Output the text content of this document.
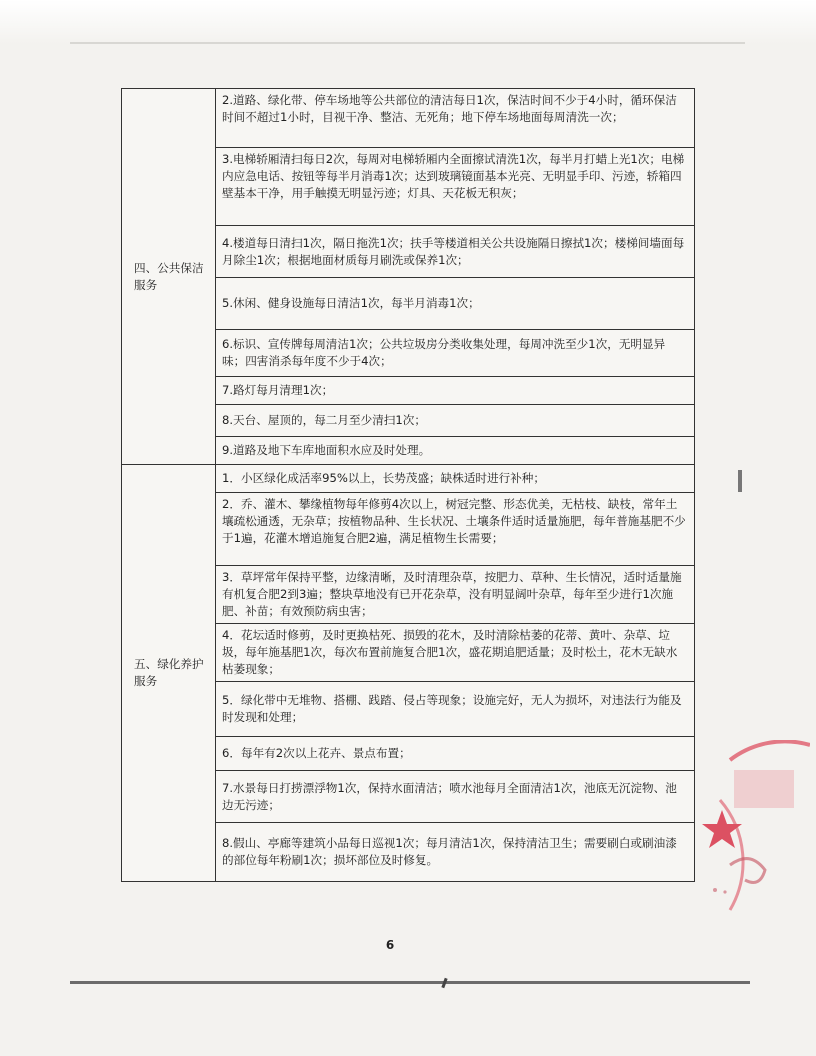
四、公共保洁服务	2.道路、绿化带、停车场地等公共部位的清洁每日1次，保洁时间不少于4小时，循环保洁时间不超过1小时，目视干净、整洁、无死角；地下停车场地面每周清洗一次；
	3.电梯轿厢清扫每日2次，每周对电梯轿厢内全面擦试清洗1次，每半月打蜡上光1次；电梯内应急电话、按钮等每半月消毒1次；达到玻璃镜面基本光亮、无明显手印、污迹，轿箱四壁基本干净，用手触摸无明显污迹；灯具、天花板无积灰；
	4.楼道每日清扫1次，隔日拖洗1次；扶手等楼道相关公共设施隔日擦拭1次；楼梯间墙面每月除尘1次；根据地面材质每月刷洗或保养1次；
	5.休闲、健身设施每日清洁1次，每半月消毒1次；
	6.标识、宣传牌每周清洁1次；公共垃圾房分类收集处理，每周冲洗至少1次，无明显异味；四害消杀每年度不少于4次；
	7.路灯每月清理1次；
	8.天台、屋顶的，每二月至少清扫1次；
	9.道路及地下车库地面积水应及时处理。
五、绿化养护服务	1．小区绿化成活率95%以上，长势茂盛；缺株适时进行补种；
	2．乔、灌木、攀缘植物每年修剪4次以上，树冠完整、形态优美，无枯枝、缺枝，常年土壤疏松通透，无杂草；按植物品种、生长状况、土壤条件适时适量施肥，每年普施基肥不少于1遍，花灌木增追施复合肥2遍，满足植物生长需要；
	3．草坪常年保持平整，边缘清晰，及时清理杂草，按肥力、草种、生长情况，适时适量施有机复合肥2到3遍；整块草地没有已开花杂草，没有明显阔叶杂草，每年至少进行1次施肥、补苗；有效预防病虫害；
	4．花坛适时修剪，及时更换枯死、损毁的花木，及时清除枯萎的花蒂、黄叶、杂草、垃圾，每年施基肥1次，每次布置前施复合肥1次，盛花期追肥适量；及时松土，花木无缺水枯萎现象；
	5．绿化带中无堆物、搭棚、践踏、侵占等现象；设施完好，无人为损坏，对违法行为能及时发现和处理；
	6．每年有2次以上花卉、景点布置；
	7.水景每日打捞漂浮物1次，保持水面清洁；喷水池每月全面清洁1次，池底无沉淀物、池边无污迹；
	8.假山、亭廊等建筑小品每日巡视1次；每月清洁1次，保持清洁卫生；需要刷白或刷油漆的部位每年粉刷1次；损坏部位及时修复。
6
